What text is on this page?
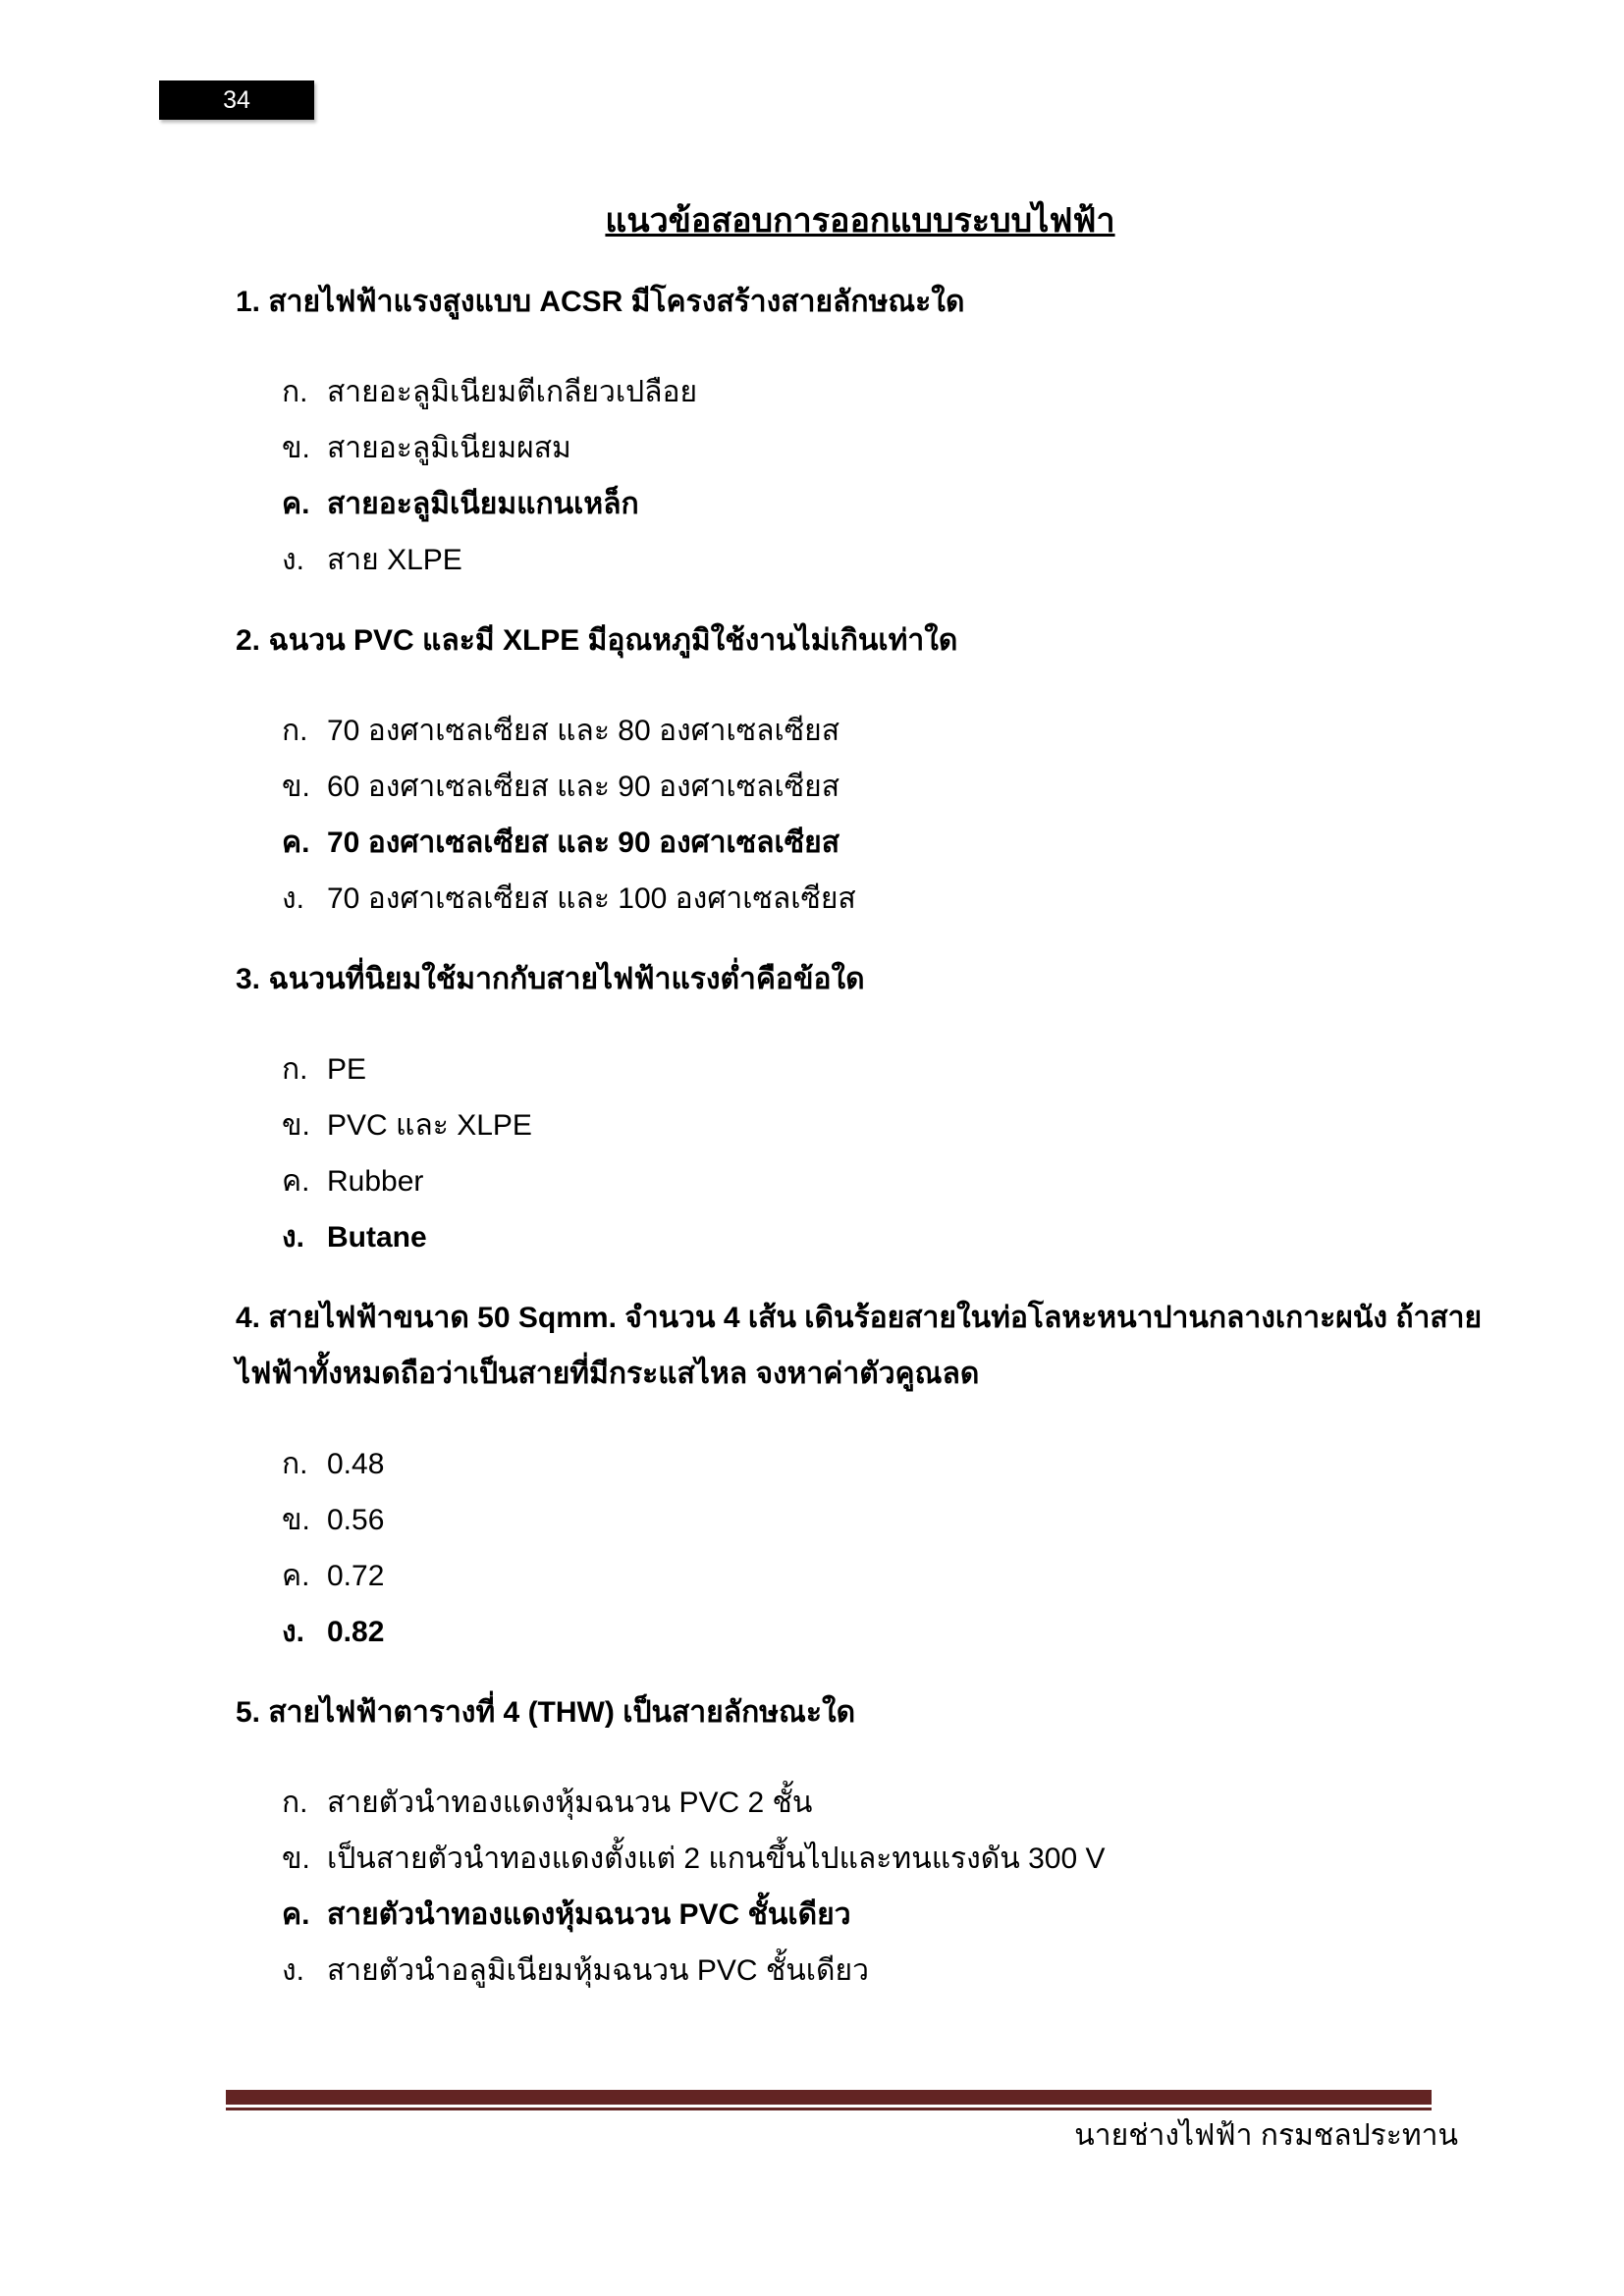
34
แนวข้อสอบการออกแบบระบบไฟฟ้า

1. สายไฟฟ้าแรงสูงแบบ ACSR มีโครงสร้างสายลักษณะใด

ก. สายอะลูมิเนียมตีเกลียวเปลือย
ข. สายอะลูมิเนียมผสม
ค. สายอะลูมิเนียมแกนเหล็ก
ง. สาย XLPE

2. ฉนวน PVC และมี XLPE มีอุณหภูมิใช้งานไม่เกินเท่าใด

ก. 70 องศาเซลเซียส และ 80 องศาเซลเซียส
ข. 60 องศาเซลเซียส และ 90 องศาเซลเซียส
ค. 70 องศาเซลเซียส และ 90 องศาเซลเซียส
ง. 70 องศาเซลเซียส และ 100 องศาเซลเซียส

3. ฉนวนที่นิยมใช้มากกับสายไฟฟ้าแรงต่ำคือข้อใด

ก. PE
ข. PVC และ XLPE
ค. Rubber
ง. Butane

4. สายไฟฟ้าขนาด 50 Sqmm. จำนวน 4 เส้น เดินร้อยสายในท่อโลหะหนาปานกลางเกาะผนัง ถ้าสายไฟฟ้าทั้งหมดถือว่าเป็นสายที่มีกระแสไหล จงหาค่าตัวคูณลด

ก. 0.48
ข. 0.56
ค. 0.72
ง. 0.82

5. สายไฟฟ้าตารางที่ 4 (THW) เป็นสายลักษณะใด

ก. สายตัวนำทองแดงหุ้มฉนวน PVC 2 ชั้น
ข. เป็นสายตัวนำทองแดงตั้งแต่ 2 แกนขึ้นไปและทนแรงดัน 300 V
ค. สายตัวนำทองแดงหุ้มฉนวน PVC ชั้นเดียว
ง. สายตัวนำอลูมิเนียมหุ้มฉนวน PVC ชั้นเดียว
นายช่างไฟฟ้า กรมชลประทาน
